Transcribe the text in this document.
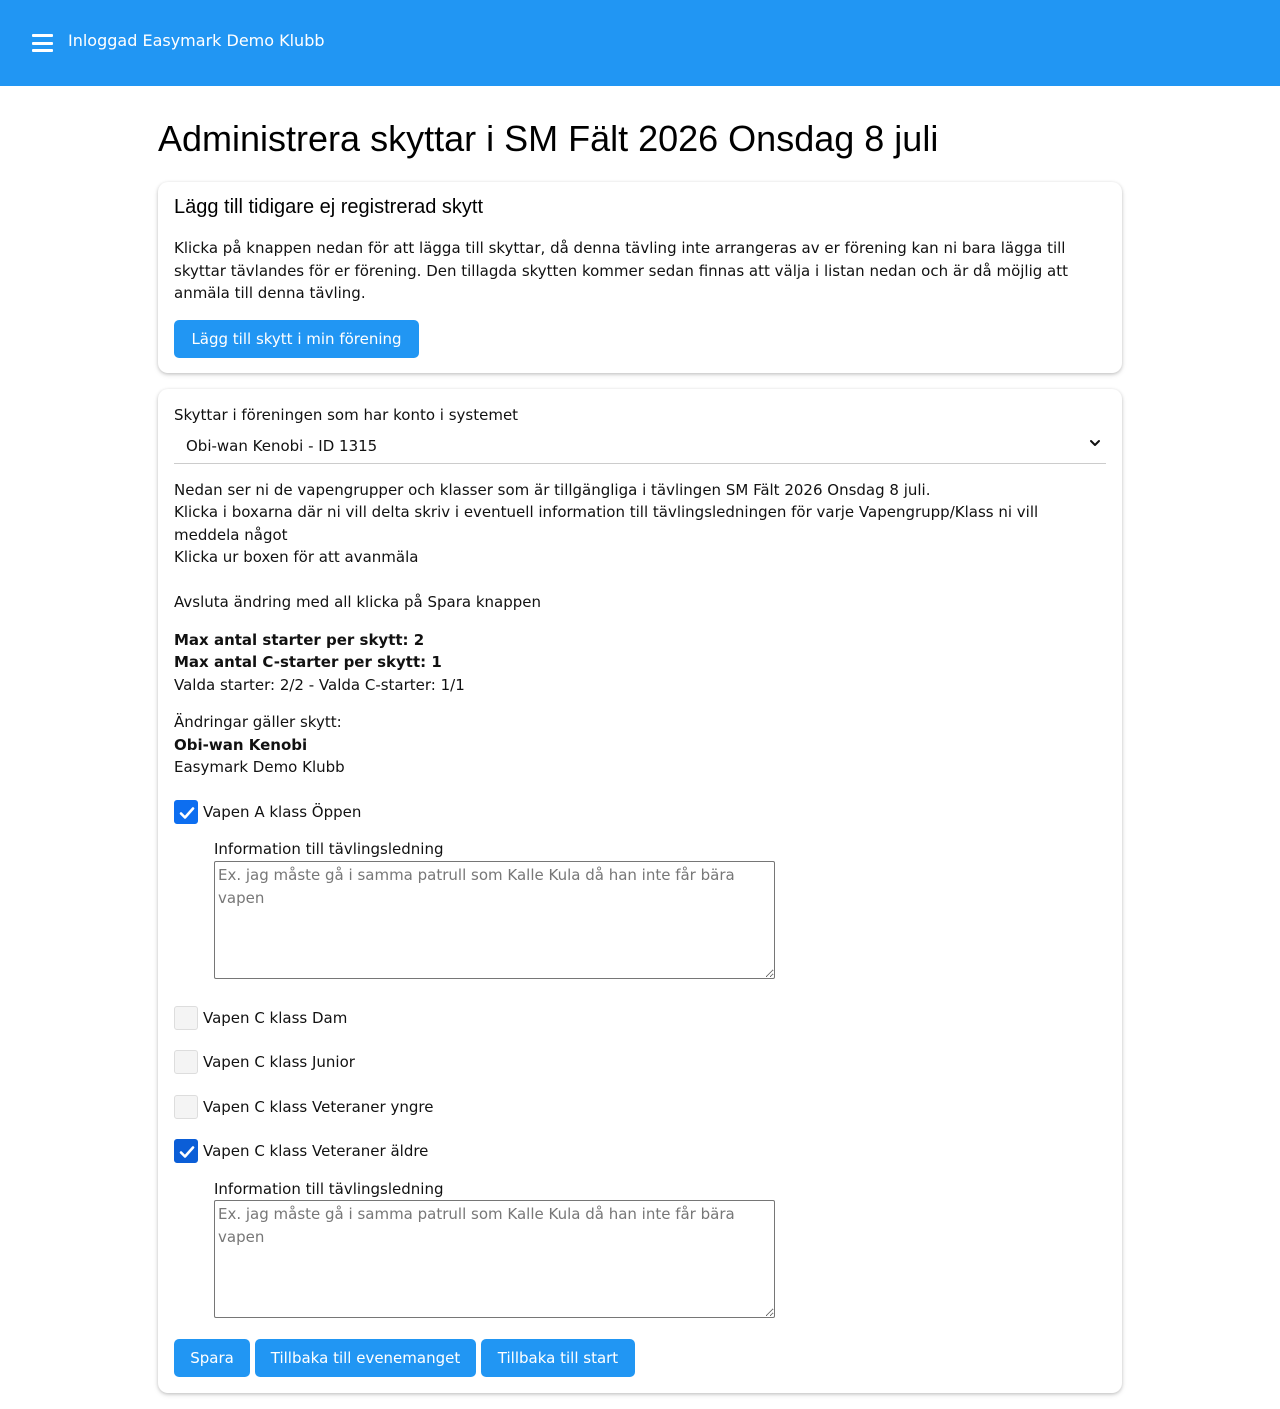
Inloggad Easymark Demo Klubb
Administrera skyttar i SM Fält 2026 Onsdag 8 juli
Lägg till tidigare ej registrerad skytt

Klicka på knappen nedan för att lägga till skyttar, då denna tävling inte arrangeras av er förening kan ni bara lägga till skyttar tävlandes för er förening. Den tillagda skytten kommer sedan finnas att välja i listan nedan och är då möjlig att anmäla till denna tävling.

Lägg till skytt i min förening
Skyttar i föreningen som har konto i systemet
Obi-wan Kenobi - ID 1315

Nedan ser ni de vapengrupper och klasser som är tillgängliga i tävlingen SM Fält 2026 Onsdag 8 juli.

Klicka i boxarna där ni vill delta skriv i eventuell information till tävlingsledningen för varje Vapengrupp/Klass ni vill meddela något

Klicka ur boxen för att avanmäla

Avsluta ändring med all klicka på Spara knappen

Max antal starter per skytt: 2
Max antal C-starter per skytt: 1
Valda starter: 2/2 - Valda C-starter: 1/1
Ändringar gäller skytt:
Obi-wan Kenobi
Easymark Demo Klubb
Vapen A klass Öppen
Information till tävlingsledning
Ex. jag måste gå i samma patrull som Kalle Kula då han inte får bära vapen
Vapen C klass Dam
Vapen C klass Junior
Vapen C klass Veteraner yngre
Vapen C klass Veteraner äldre
Information till tävlingsledning
Ex. jag måste gå i samma patrull som Kalle Kula då han inte får bära vapen
Spara	Tillbaka till evenemanget	Tillbaka till start
